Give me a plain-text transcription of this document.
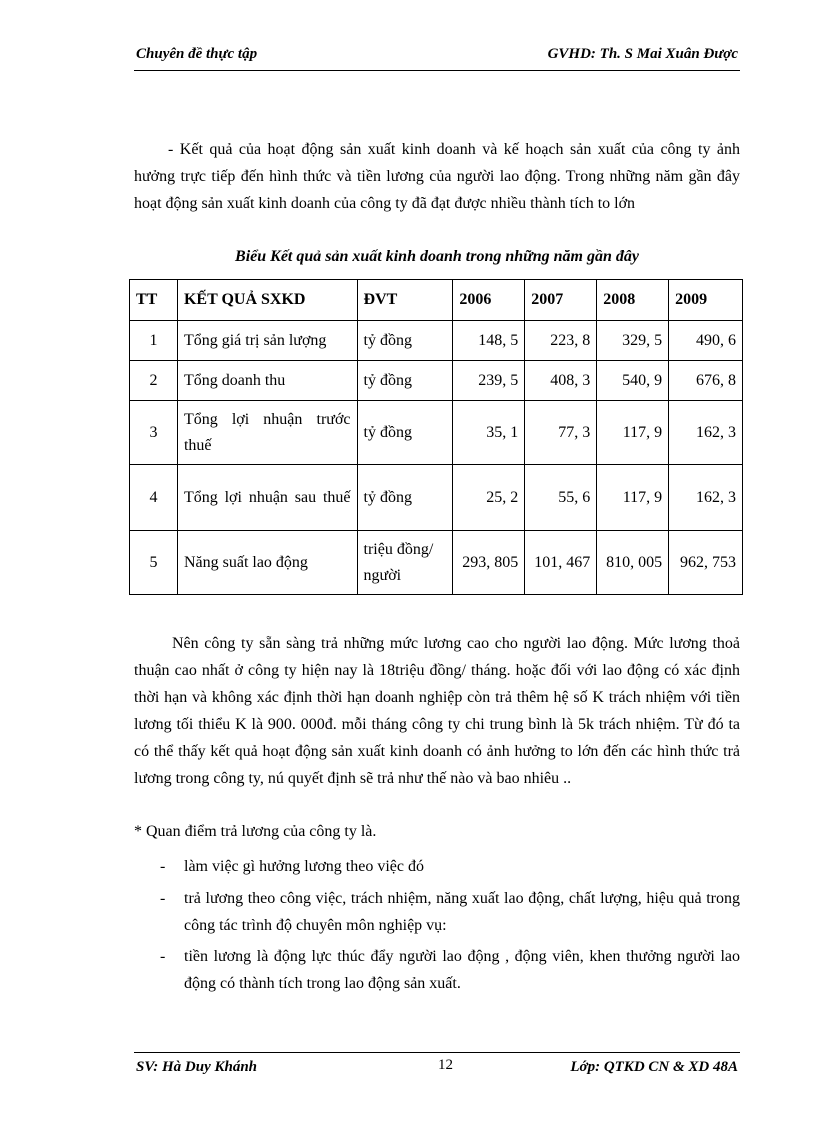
Chuyên đề thực tập	GVHD: Th. S Mai Xuân Được
- Kết quả của hoạt động sản xuất kinh doanh và kế hoạch sản xuất của công ty ảnh hưởng trực tiếp đến hình thức và tiền lương của người lao động. Trong những năm gần đây hoạt động sản xuất kinh doanh của công ty đã đạt được nhiều thành tích to lớn
Biểu Kết quả sản xuất kinh doanh trong những năm gần đây
TT	KẾT QUẢ SXKD	ĐVT	2006	2007	2008	2009
1	Tổng giá trị sản lượng	tỷ đồng	148, 5	223, 8	329, 5	490, 6
2	Tổng doanh thu	tỷ đồng	239, 5	408, 3	540, 9	676, 8
3	Tổng lợi nhuận trước thuế	tỷ đồng	35, 1	77, 3	117, 9	162, 3
4	Tổng lợi nhuận sau thuế	tỷ đồng	25, 2	55, 6	117, 9	162, 3
5	Năng suất lao động	triệu đồng/ người	293, 805	101, 467	810, 005	962, 753
Nên công ty sẵn sàng trả những mức lương cao cho người lao động. Mức lương thoả thuận cao nhất ở công ty hiện nay là 18triệu đồng/ tháng. hoặc đối với lao động có xác định thời hạn và không xác định thời hạn doanh nghiệp còn trả thêm hệ số K trách nhiệm với tiền lương tối thiểu K là 900. 000đ. mỗi tháng công ty chi trung bình là 5k trách nhiệm. Từ đó ta có thể thấy kết quả hoạt động sản xuất kinh doanh có ảnh hưởng to lớn đến các hình thức trả lương trong công ty, nú quyết định sẽ trả như thế nào và bao nhiêu ..
* Quan điểm trả lương của công ty là.
- làm việc gì hưởng lương theo việc đó
- trả lương theo công việc, trách nhiệm, năng xuất lao động, chất lượng, hiệu quả trong công tác trình độ chuyên môn nghiệp vụ:
- tiền lương là động lực thúc đẩy người lao động , động viên, khen thưởng người lao động có thành tích trong lao động sản xuất.
SV: Hà Duy Khánh	12	Lớp: QTKD CN & XD 48A
